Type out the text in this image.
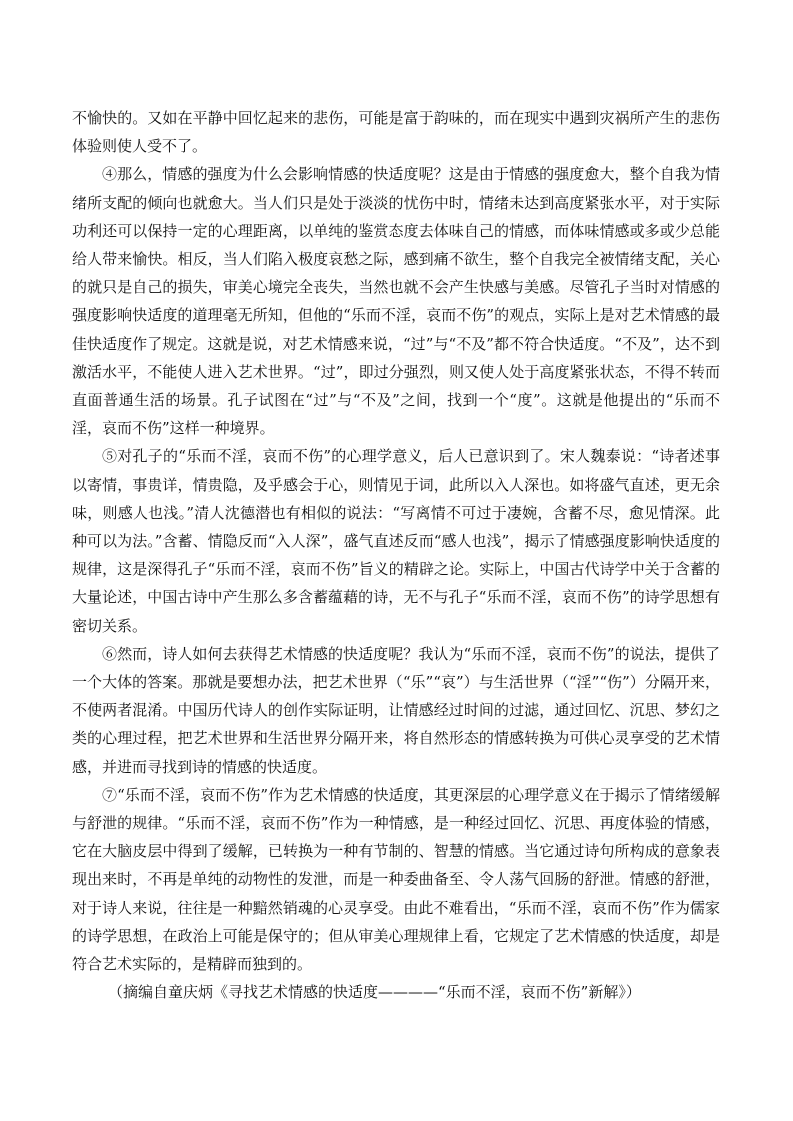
不愉快的。又如在平静中回忆起来的悲伤，可能是富于韵味的，而在现实中遇到灾祸所产生的悲伤体验则使人受不了。

④那么，情感的强度为什么会影响情感的快适度呢？这是由于情感的强度愈大，整个自我为情绪所支配的倾向也就愈大。当人们只是处于淡淡的忧伤中时，情绪未达到高度紧张水平，对于实际功利还可以保持一定的心理距离，以单纯的鉴赏态度去体味自己的情感，而体味情感或多或少总能给人带来愉快。相反，当人们陷入极度哀愁之际，感到痛不欲生，整个自我完全被情绪支配，关心的就只是自己的损失，审美心境完全丧失，当然也就不会产生快感与美感。尽管孔子当时对情感的强度影响快适度的道理毫无所知，但他的“乐而不淫，哀而不伤”的观点，实际上是对艺术情感的最佳快适度作了规定。这就是说，对艺术情感来说，“过”与“不及”都不符合快适度。“不及”，达不到激活水平，不能使人进入艺术世界。“过”，即过分强烈，则又使人处于高度紧张状态，不得不转而直面普通生活的场景。孔子试图在“过”与“不及”之间，找到一个“度”。这就是他提出的“乐而不淫，哀而不伤”这样一种境界。

⑤对孔子的“乐而不淫，哀而不伤”的心理学意义，后人已意识到了。宋人魏泰说：“诗者述事以寄情，事贵详，情贵隐，及乎感会于心，则情见于词，此所以入人深也。如将盛气直述，更无余味，则感人也浅。”清人沈德潜也有相似的说法：“写离情不可过于凄婉，含蓄不尽，愈见情深。此种可以为法。”含蓄、情隐反而“入人深”，盛气直述反而“感人也浅”，揭示了情感强度影响快适度的规律，这是深得孔子“乐而不淫，哀而不伤”旨义的精辟之论。实际上，中国古代诗学中关于含蓄的大量论述，中国古诗中产生那么多含蓄蕴藉的诗，无不与孔子“乐而不淫，哀而不伤”的诗学思想有密切关系。

⑥然而，诗人如何去获得艺术情感的快适度呢？我认为“乐而不淫，哀而不伤”的说法，提供了一个大体的答案。那就是要想办法，把艺术世界（“乐”“哀”）与生活世界（“淫”“伤”）分隔开来，不使两者混淆。中国历代诗人的创作实际证明，让情感经过时间的过滤，通过回忆、沉思、梦幻之类的心理过程，把艺术世界和生活世界分隔开来，将自然形态的情感转换为可供心灵享受的艺术情感，并进而寻找到诗的情感的快适度。

⑦“乐而不淫，哀而不伤”作为艺术情感的快适度，其更深层的心理学意义在于揭示了情绪缓解与舒泄的规律。“乐而不淫，哀而不伤”作为一种情感，是一种经过回忆、沉思、再度体验的情感，它在大脑皮层中得到了缓解，已转换为一种有节制的、智慧的情感。当它通过诗句所构成的意象表现出来时，不再是单纯的动物性的发泄，而是一种委曲备至、令人荡气回肠的舒泄。情感的舒泄，对于诗人来说，往往是一种黯然销魂的心灵享受。由此不难看出，“乐而不淫，哀而不伤”作为儒家的诗学思想，在政治上可能是保守的；但从审美心理规律上看，它规定了艺术情感的快适度，却是符合艺术实际的，是精辟而独到的。

（摘编自童庆炳《寻找艺术情感的快适度————“乐而不淫，哀而不伤”新解》）
